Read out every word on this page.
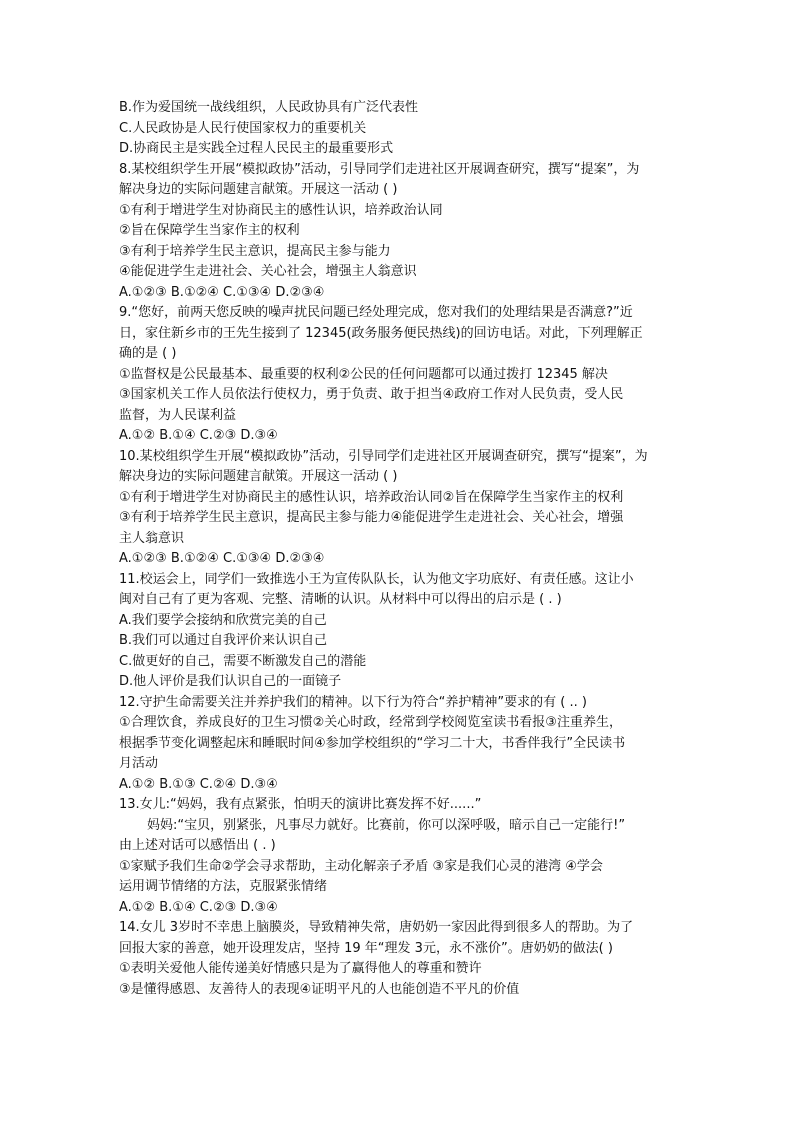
B.作为爱国统一战线组织，人民政协具有广泛代表性
C.人民政协是人民行使国家权力的重要机关
D.协商民主是实践全过程人民民主的最重要形式
8.某校组织学生开展“模拟政协”活动，引导同学们走进社区开展调查研究，撰写“提案”，为
解决身边的实际问题建言献策。开展这一活动 ( )
①有利于增进学生对协商民主的感性认识，培养政治认同
②旨在保障学生当家作主的权利
③有利于培养学生民主意识，提高民主参与能力
④能促进学生走进社会、关心社会，增强主人翁意识
A.①②③ B.①②④ C.①③④ D.②③④
9.“您好，前两天您反映的噪声扰民问题已经处理完成，您对我们的处理结果是否满意?”近
日，家住新乡市的王先生接到了 12345(政务服务便民热线)的回访电话。对此，下列理解正
确的是 ( )
①监督权是公民最基本、最重要的权利②公民的任何问题都可以通过拨打 12345 解决
③国家机关工作人员依法行使权力，勇于负责、敢于担当④政府工作对人民负责，受人民
监督，为人民谋利益
A.①② B.①④ C.②③ D.③④
10.某校组织学生开展“模拟政协”活动，引导同学们走进社区开展调查研究，撰写“提案”，为
解决身边的实际问题建言献策。开展这一活动 ( )
①有利于增进学生对协商民主的感性认识，培养政治认同②旨在保障学生当家作主的权利
③有利于培养学生民主意识，提高民主参与能力④能促进学生走进社会、关心社会，增强
主人翁意识
A.①②③ B.①②④ C.①③④ D.②③④
11.校运会上，同学们一致推选小王为宣传队队长，认为他文字功底好、有责任感。这让小
闽对自己有了更为客观、完整、清晰的认识。从材料中可以得出的启示是 ( . )
A.我们要学会接纳和欣赏完美的自己
B.我们可以通过自我评价来认识自己
C.做更好的自己，需要不断激发自己的潜能
D.他人评价是我们认识自己的一面镜子
12.守护生命需要关注并养护我们的精神。以下行为符合“养护精神”要求的有 ( .. )
①合理饮食，养成良好的卫生习惯②关心时政，经常到学校阅览室读书看报③注重养生，
根据季节变化调整起床和睡眠时间④参加学校组织的“学习二十大，书香伴我行”全民读书
月活动
A.①② B.①③ C.②④ D.③④
13.女儿:“妈妈，我有点紧张，怕明天的演讲比赛发挥不好......”
妈妈:“宝贝，别紧张，凡事尽力就好。比赛前，你可以深呼吸，暗示自己一定能行!”
由上述对话可以感悟出 ( . )
①家赋予我们生命②学会寻求帮助，主动化解亲子矛盾 ③家是我们心灵的港湾 ④学会
运用调节情绪的方法，克服紧张情绪
A.①② B.①④ C.②③ D.③④
14.女儿 3岁时不幸患上脑膜炎，导致精神失常，唐奶奶一家因此得到很多人的帮助。为了
回报大家的善意，她开设理发店，坚持 19 年“理发 3元，永不涨价”。唐奶奶的做法( )
①表明关爱他人能传递美好情感只是为了赢得他人的尊重和赞许
③是懂得感恩、友善待人的表现④证明平凡的人也能创造不平凡的价值
